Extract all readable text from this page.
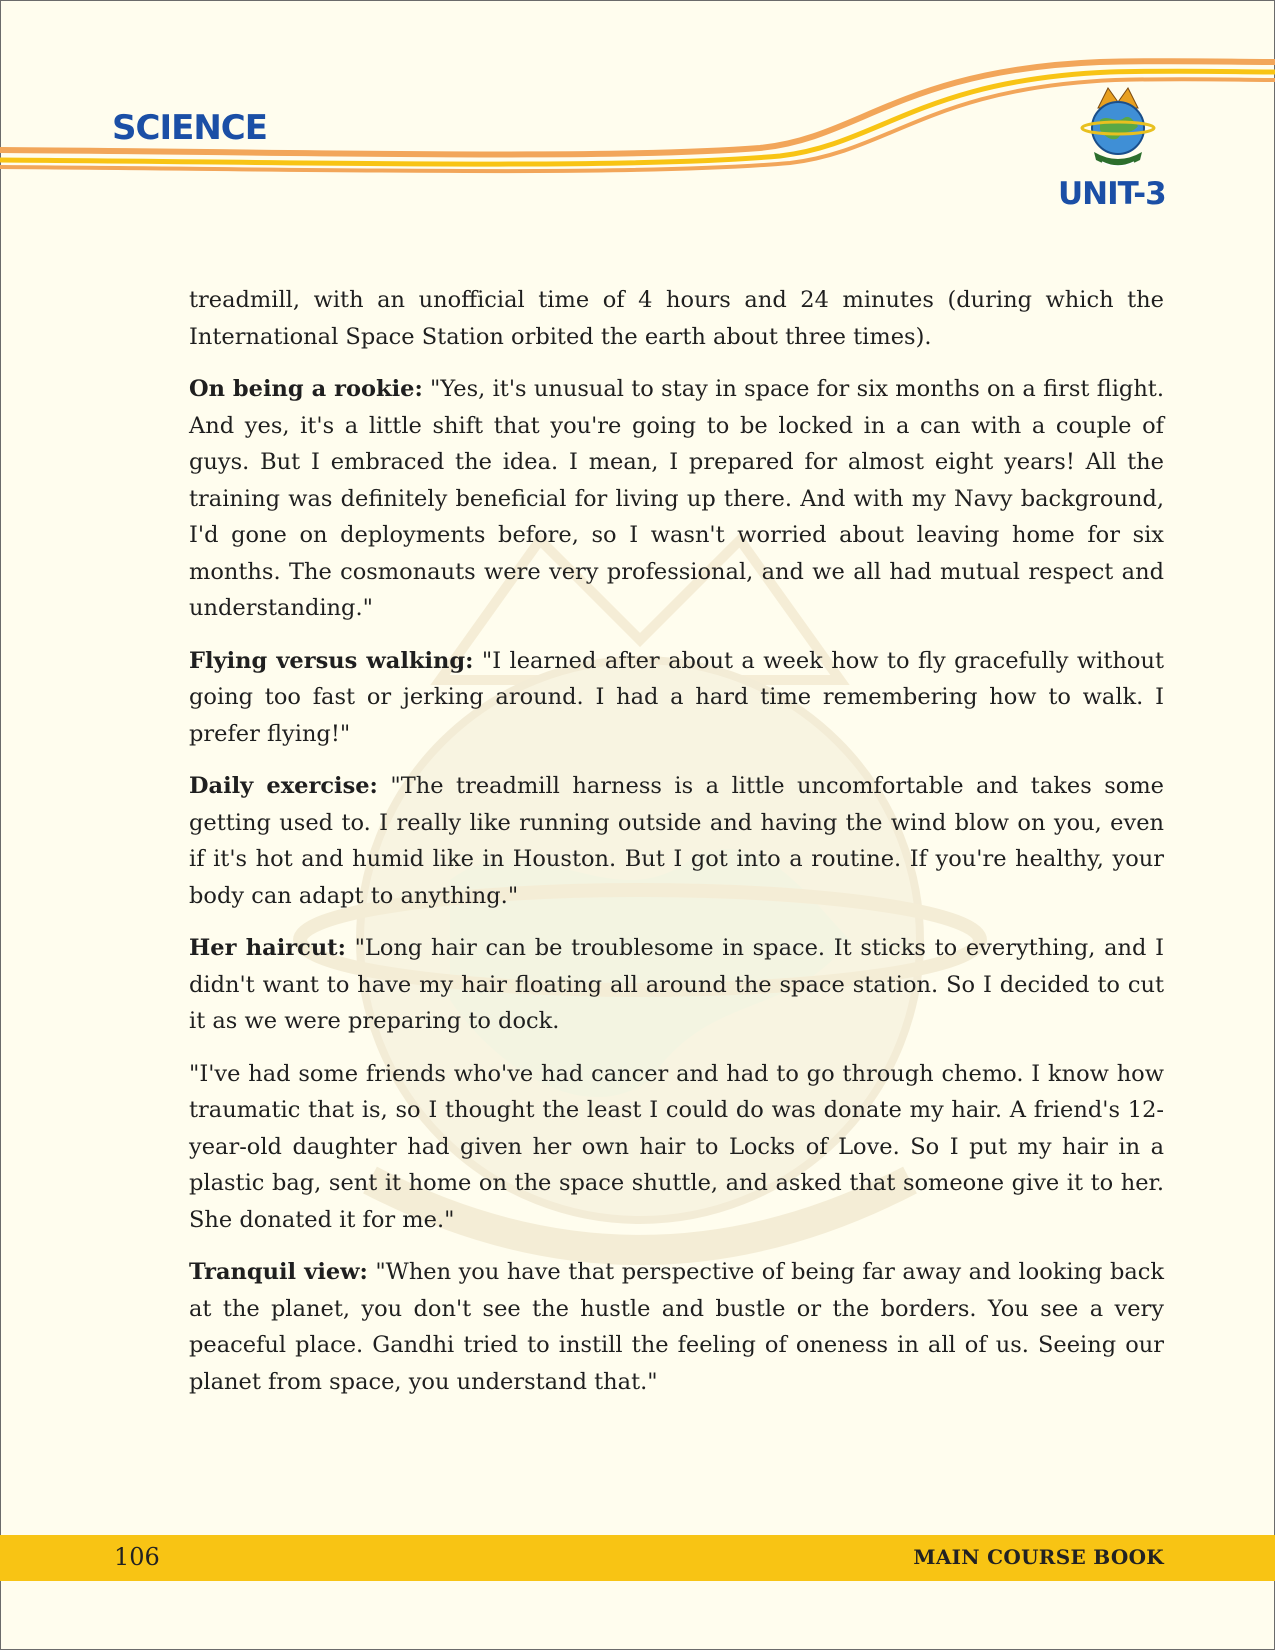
SCIENCE
UNIT-3

treadmill, with an unofficial time of 4 hours and 24 minutes (during which the International Space Station orbited the earth about three times).

On being a rookie: "Yes, it's unusual to stay in space for six months on a first flight. And yes, it's a little shift that you're going to be locked in a can with a couple of guys. But I embraced the idea. I mean, I prepared for almost eight years! All the training was definitely beneficial for living up there. And with my Navy background, I'd gone on deployments before, so I wasn't worried about leaving home for six months. The cosmonauts were very professional, and we all had mutual respect and understanding."

Flying versus walking: "I learned after about a week how to fly gracefully without going too fast or jerking around. I had a hard time remembering how to walk. I prefer flying!"

Daily exercise: "The treadmill harness is a little uncomfortable and takes some getting used to. I really like running outside and having the wind blow on you, even if it's hot and humid like in Houston. But I got into a routine. If you're healthy, your body can adapt to anything."

Her haircut: "Long hair can be troublesome in space. It sticks to everything, and I didn't want to have my hair floating all around the space station. So I decided to cut it as we were preparing to dock.

"I've had some friends who've had cancer and had to go through chemo. I know how traumatic that is, so I thought the least I could do was donate my hair. A friend's 12-year-old daughter had given her own hair to Locks of Love. So I put my hair in a plastic bag, sent it home on the space shuttle, and asked that someone give it to her. She donated it for me."

Tranquil view: "When you have that perspective of being far away and looking back at the planet, you don't see the hustle and bustle or the borders. You see a very peaceful place. Gandhi tried to instill the feeling of oneness in all of us. Seeing our planet from space, you understand that."

106	MAIN COURSE BOOK
